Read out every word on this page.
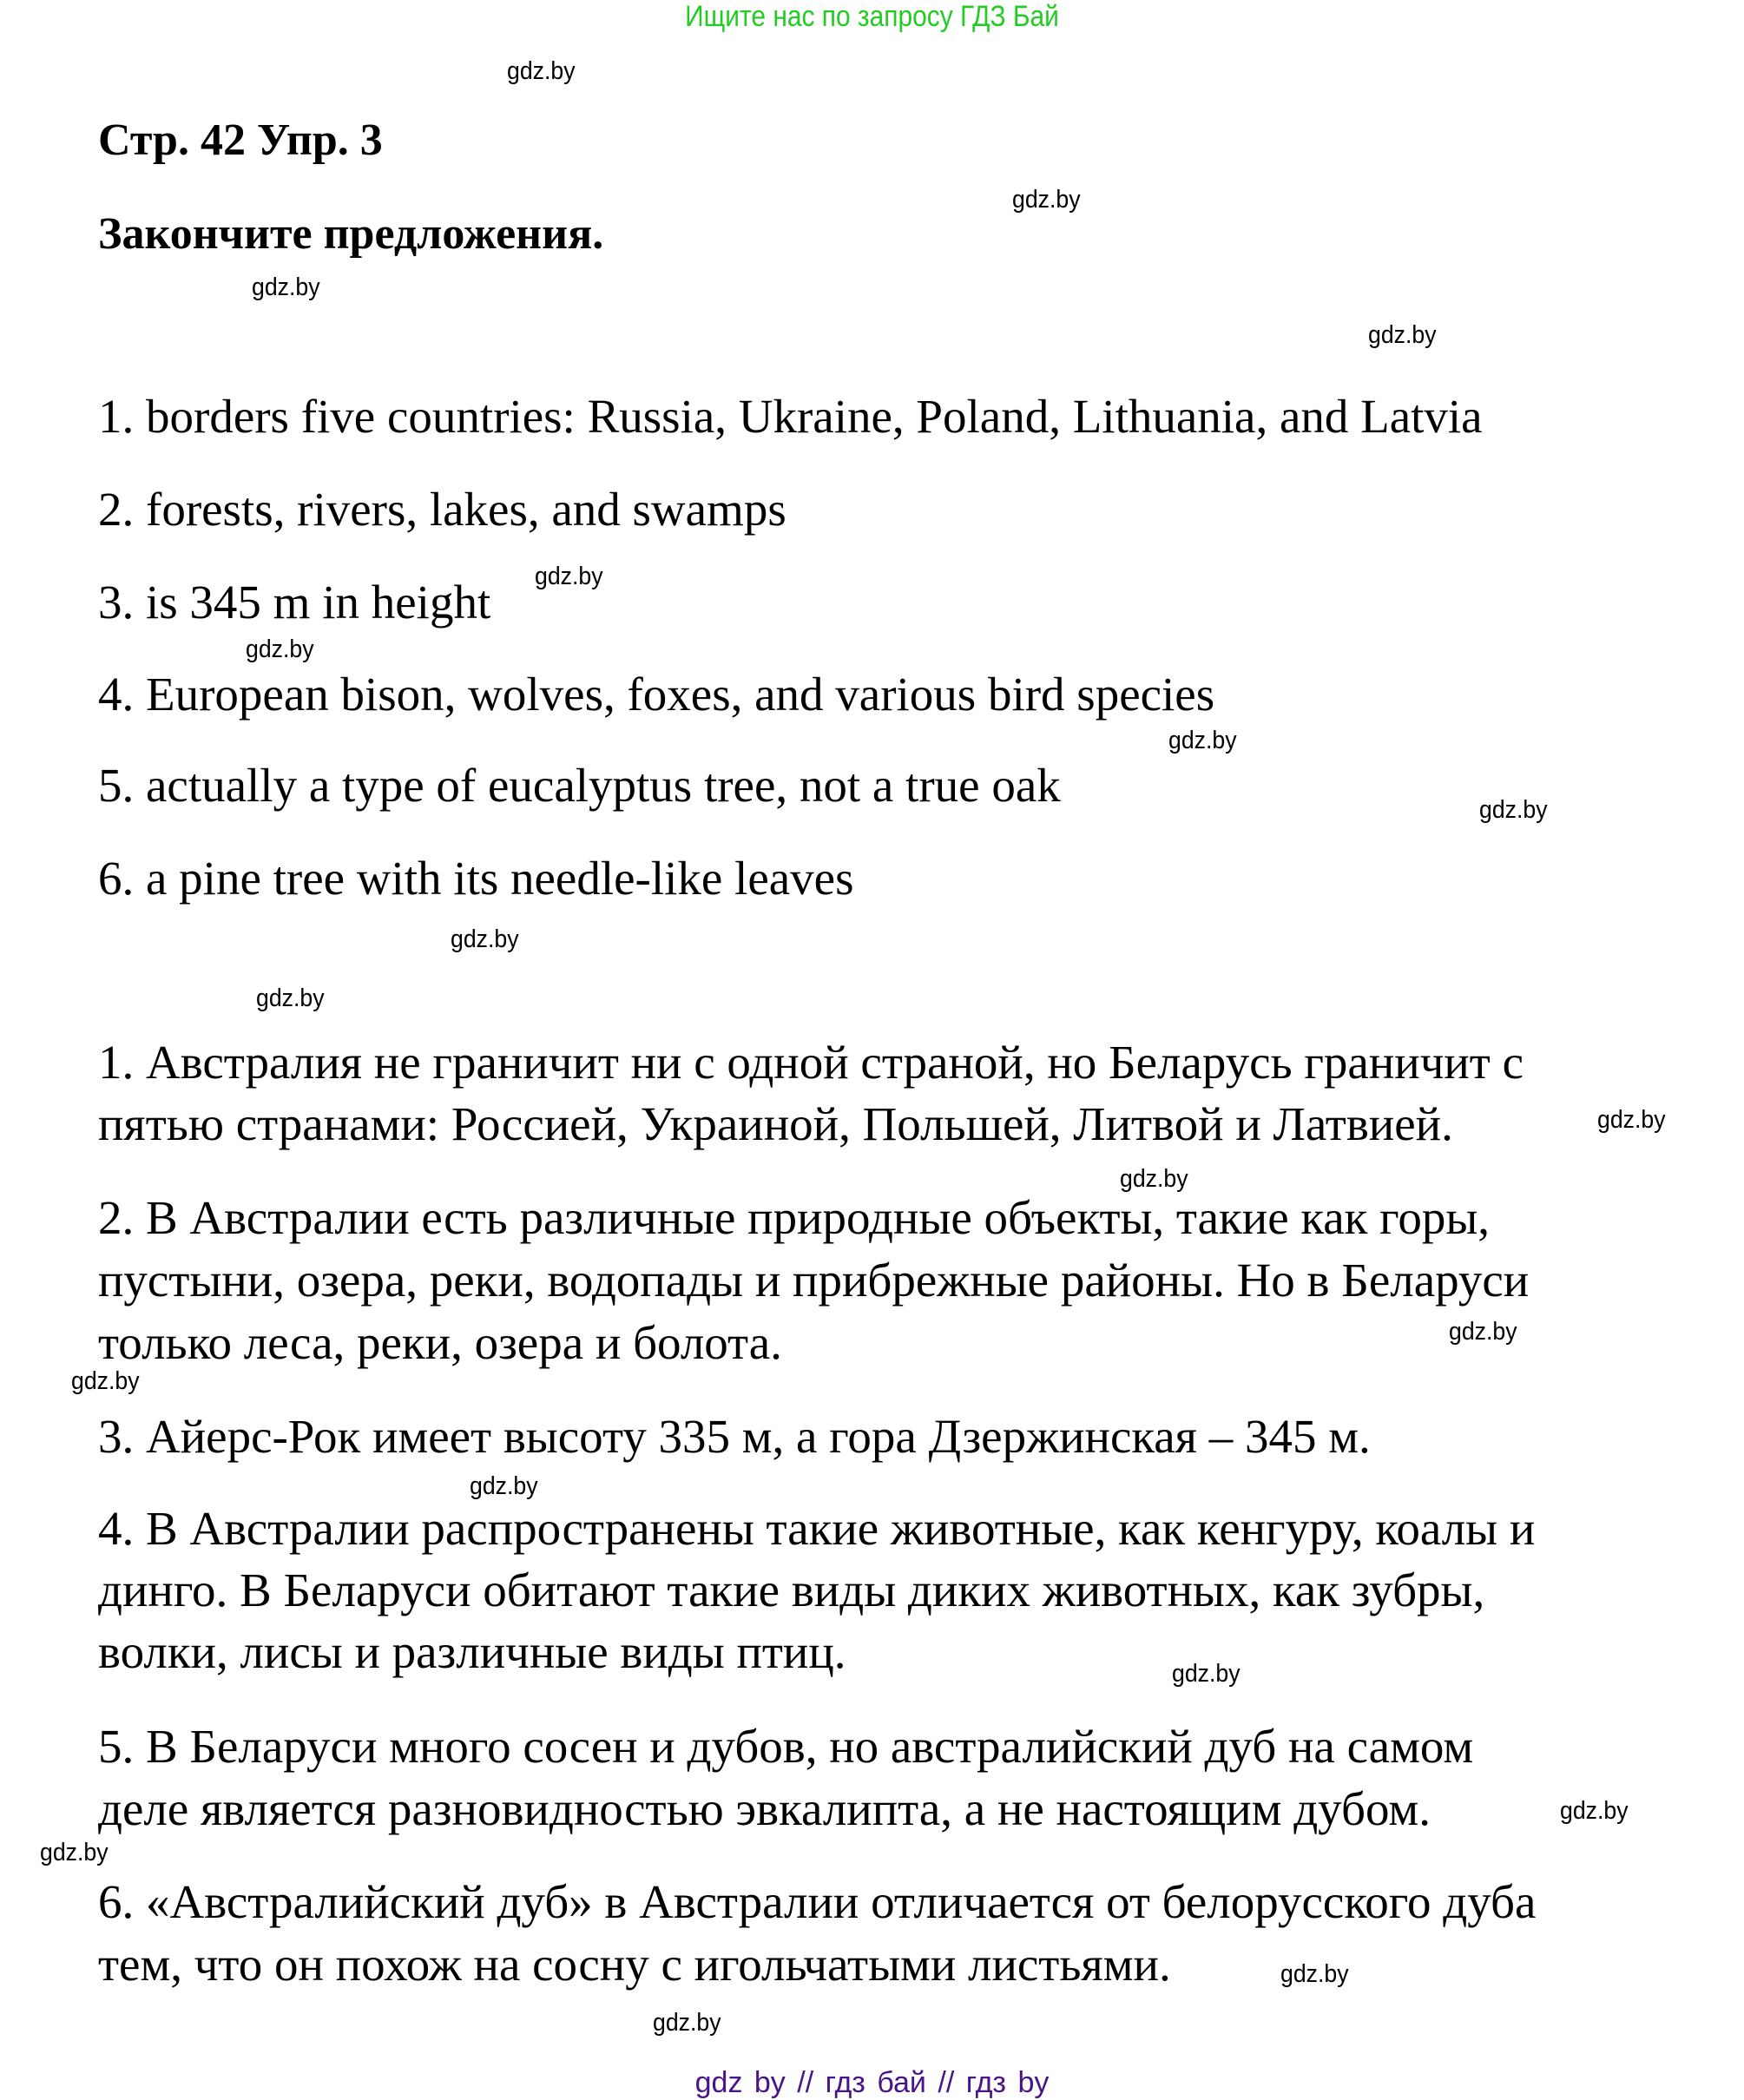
Ищите нас по запросу ГДЗ Бай
Стр. 42 Упр. 3
Закончите предложения.
1. borders five countries: Russia, Ukraine, Poland, Lithuania, and Latvia
2. forests, rivers, lakes, and swamps
3. is 345 m in height
4. European bison, wolves, foxes, and various bird species
5. actually a type of eucalyptus tree, not a true oak
6. a pine tree with its needle-like leaves
1. Австралия не граничит ни с одной страной, но Беларусь граничит с
пятью странами: Россией, Украиной, Польшей, Литвой и Латвией.
2. В Австралии есть различные природные объекты, такие как горы,
пустыни, озера, реки, водопады и прибрежные районы. Но в Беларуси
только леса, реки, озера и болота.
3. Айерс-Рок имеет высоту 335 м, а гора Дзержинская – 345 м.
4. В Австралии распространены такие животные, как кенгуру, коалы и
динго. В Беларуси обитают такие виды диких животных, как зубры,
волки, лисы и различные виды птиц.
5. В Беларуси много сосен и дубов, но австралийский дуб на самом
деле является разновидностью эвкалипта, а не настоящим дубом.
6. «Австралийский дуб» в Австралии отличается от белорусского дуба
тем, что он похож на сосну с игольчатыми листьями.
gdz.by
gdz.by
gdz.by
gdz.by
gdz.by
gdz.by
gdz.by
gdz.by
gdz.by
gdz.by
gdz.by
gdz.by
gdz.by
gdz.by
gdz.by
gdz.by
gdz.by
gdz.by
gdz.by
gdz.by
gdz by // гдз бай // гдз by
